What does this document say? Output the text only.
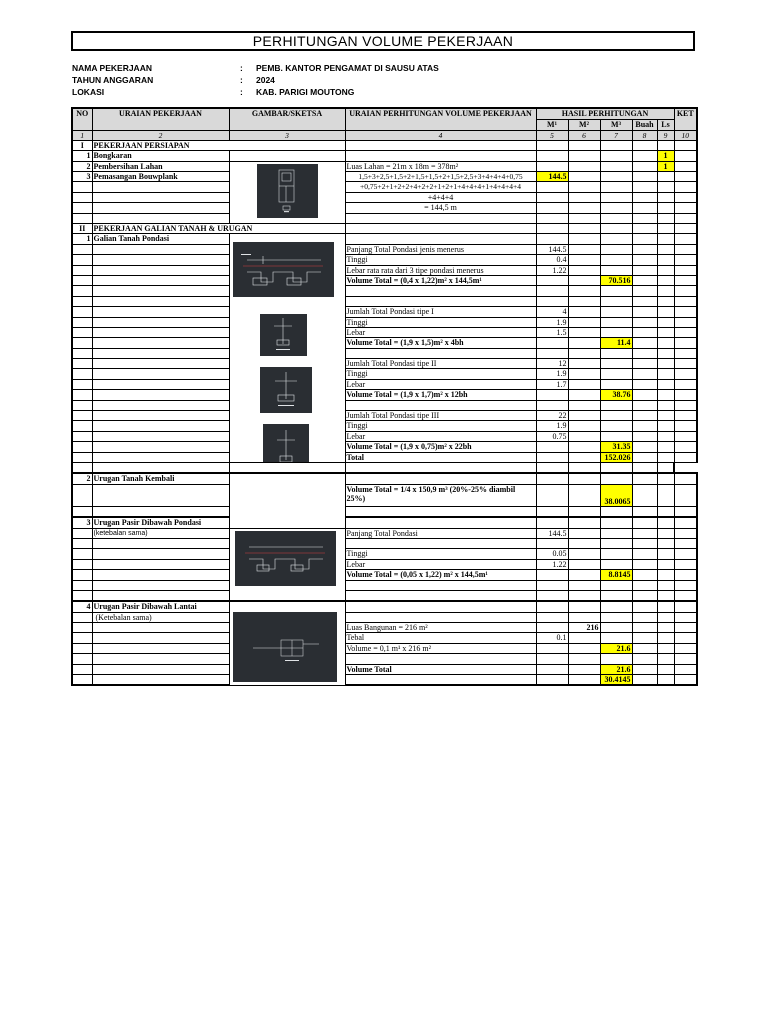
PERHITUNGAN VOLUME PEKERJAAN
NAMA PEKERJAAN	: PEMB. KANTOR PENGAMAT DI SAUSU ATAS
TAHUN ANGGARAN	: 2024
LOKASI	: KAB. PARIGI MOUTONG
NO	URAIAN PEKERJAAN	GAMBAR/SKETSA	URAIAN PERHITUNGAN VOLUME PEKERJAAN	HASIL PERHITUNGAN					KET
				M¹	M²	M³	Buah	Ls	
1	2	3	4	5	6	7	8	9	10
I	PEKERJAAN PERSIAPAN								
1	Bongkaran							1	
2	Pembersihan Lahan		Luas Lahan = 21m x 18m = 378m²					1	
3	Pemasangan Bouwplank		1,5+3+2,5+1,5+2+1,5+1,5+2+1,5+2,5+3+4+4+4+0,75	144.5					
			+0,75+2+1+2+2+4+2+2+1+2+1+4+4+4+1+4+4+4+4						
			+4+4+4						
			= 144,5 m						

II	PEKERJAAN GALIAN TANAH & URUGAN								
1	Galian Tanah Pondasi	

			Panjang Total Pondasi jenis menerus	144.5					
			Tinggi	0.4					
			Lebar rata rata dari 3 tipe pondasi menerus	1.22					
			Volume Total = (0,4 x 1,22)m² x 144,5m¹			70.516			

			Jumlah Total Pondasi tipe I	4					
			Tinggi	1.9					
			Lebar	1.5					
			Volume Total = (1,9 x 1,5)m² x 4bh			11.4			

			Jumlah Total Pondasi tipe II	12					
			Tinggi	1.9					
			Lebar	1.7					
			Volume Total = (1,9 x 1,7)m² x 12bh			38.76			

			Jumlah Total Pondasi tipe III	22					
			Tinggi	1.9					
			Lebar	0.75					
			Volume Total = (1,9 x 0,75)m² x 22bh			31.35			
			Total			152.026			

2	Urugan Tanah Kembali								
			Volume Total = 1/4 x 150,9 m³ (20%-25% diambil 25%)			38.0065			

3	Urugan Pasir Dibawah Pondasi								
	(ketebalan sama)		Panjang Total Pondasi	144.5					

			Tinggi	0.05					
			Lebar	1.22					
			Volume Total = (0,05 x 1,22) m² x 144,5m¹			8.8145			

4	Urugan Pasir Dibawah Lantai	

	(Ketebalan sama)								
			Luas Bangunan = 216 m²		216				
			Tebal	0.1					
			Volume = 0,1 m¹ x 216 m²			21.6			

			Volume Total			21.6			
						30.4145			
